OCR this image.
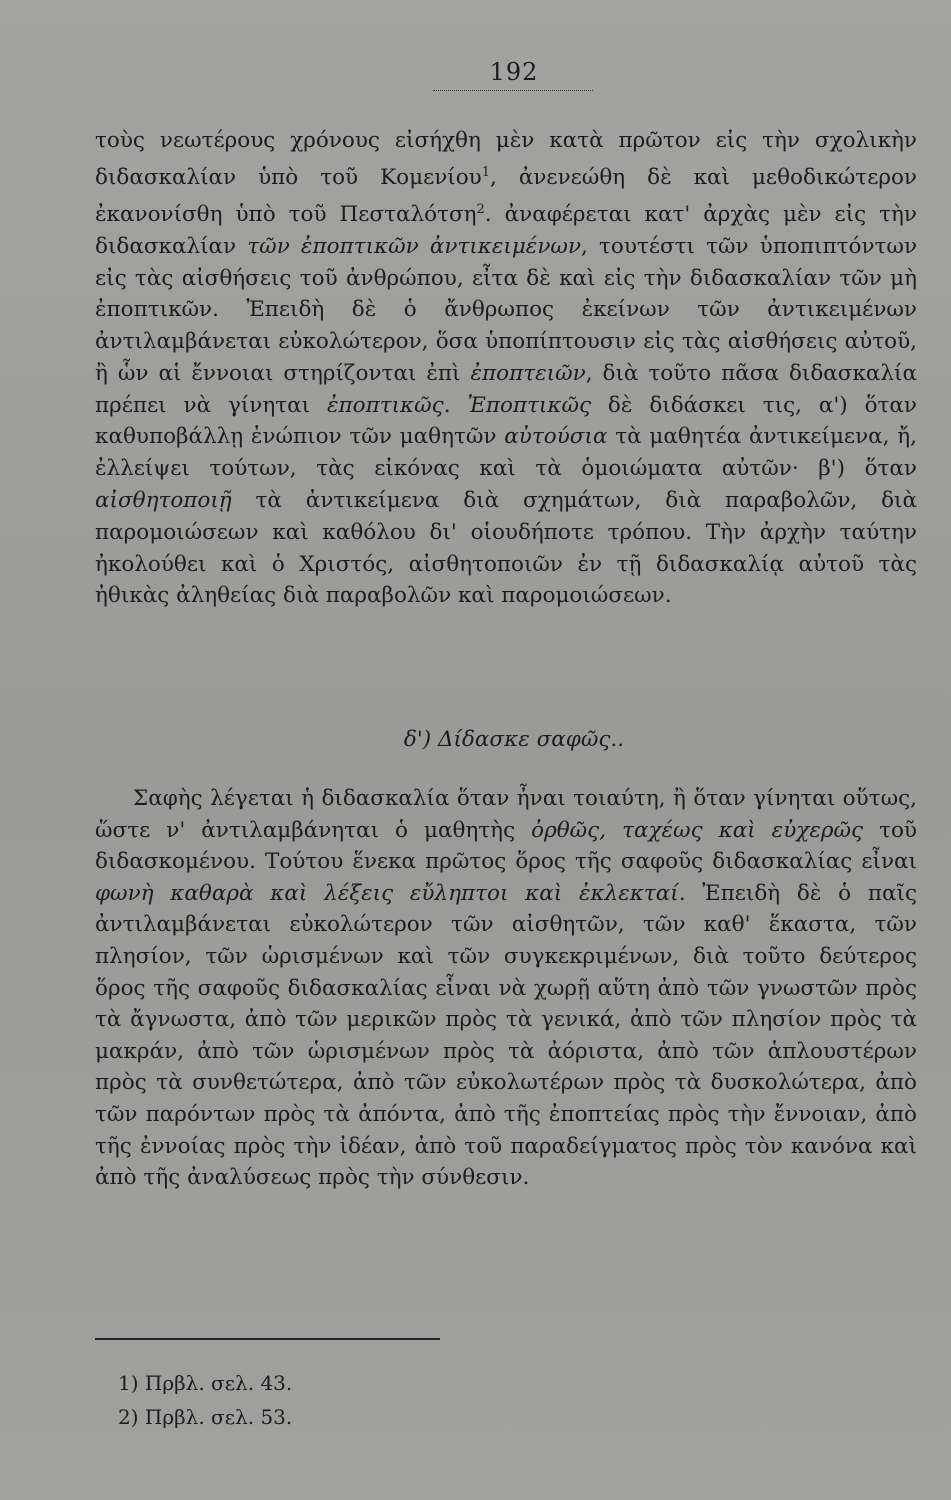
192

τοὺς νεωτέρους χρόνους εἰσήχθη μὲν κατὰ πρῶτον εἰς τὴν σχολικὴν διδασκαλίαν ὑπὸ τοῦ Κομενίου$^1$, ἀνενεώθη δὲ καὶ μεθοδικώτερον ἐκανονίσθη ὑπὸ τοῦ Πεσταλότση$^2$. ἀναφέρεται κατ' ἀρχὰς μὲν εἰς τὴν διδασκαλίαν τῶν ἐποπτικῶν ἀντικειμένων, τουτέστι τῶν ὑποπιπτόντων εἰς τὰς αἰσθήσεις τοῦ ἀνθρώπου, εἶτα δὲ καὶ εἰς τὴν διδασκαλίαν τῶν μὴ ἐποπτικῶν. Ἐπειδὴ δὲ ὁ ἄνθρωπος ἐκείνων τῶν ἀντικειμένων ἀντιλαμβάνεται εὐκολώτερον, ὅσα ὑποπίπτουσιν εἰς τὰς αἰσθήσεις αὐτοῦ, ἢ ὧν αἱ ἔννοιαι στηρίζονται ἐπὶ ἐποπτειῶν, διὰ τοῦτο πᾶσα διδασκαλία πρέπει νὰ γίνηται ἐποπτικῶς. Ἐποπτικῶς δὲ διδάσκει τις, α') ὅταν καθυποβάλλῃ ἐνώπιον τῶν μαθητῶν αὐτούσια τὰ μαθητέα ἀντικείμενα, ἤ, ἐλλείψει τούτων, τὰς εἰκόνας καὶ τὰ ὁμοιώματα αὐτῶν· β') ὅταν αἰσθητοποιῇ τὰ ἀντικείμενα διὰ σχημάτων, διὰ παραβολῶν, διὰ παρομοιώσεων καὶ καθόλου δι' οἱουδήποτε τρόπου. Τὴν ἀρχὴν ταύτην ἠκολούθει καὶ ὁ Χριστός, αἰσθητοποιῶν ἐν τῇ διδασκαλίᾳ αὐτοῦ τὰς ἠθικὰς ἀληθείας διὰ παραβολῶν καὶ παρομοιώσεων.

δ') Δίδασκε σαφῶς..

Σαφὴς λέγεται ἡ διδασκαλία ὅταν ἦναι τοιαύτη, ἢ ὅταν γίνηται οὕτως, ὥστε ν' ἀντιλαμβάνηται ὁ μαθητὴς ὀρθῶς, ταχέως καὶ εὐχερῶς τοῦ διδασκομένου. Τούτου ἕνεκα πρῶτος ὅρος τῆς σαφοῦς διδασκαλίας εἶναι φωνὴ καθαρὰ καὶ λέξεις εὔληπτοι καὶ ἐκλεκταί. Ἐπειδὴ δὲ ὁ παῖς ἀντιλαμβάνεται εὐκολώτερον τῶν αἰσθητῶν, τῶν καθ' ἕκαστα, τῶν πλησίον, τῶν ὡρισμένων καὶ τῶν συγκεκριμένων, διὰ τοῦτο δεύτερος ὅρος τῆς σαφοῦς διδασκαλίας εἶναι νὰ χωρῇ αὕτη ἀπὸ τῶν γνωστῶν πρὸς τὰ ἄγνωστα, ἀπὸ τῶν μερικῶν πρὸς τὰ γενικά, ἀπὸ τῶν πλησίον πρὸς τὰ μακράν, ἀπὸ τῶν ὡρισμένων πρὸς τὰ ἀόριστα, ἀπὸ τῶν ἁπλουστέρων πρὸς τὰ συνθετώτερα, ἀπὸ τῶν εὐκολωτέρων πρὸς τὰ δυσκολώτερα, ἀπὸ τῶν παρόντων πρὸς τὰ ἀπόντα, ἀπὸ τῆς ἐποπτείας πρὸς τὴν ἔννοιαν, ἀπὸ τῆς ἐννοίας πρὸς τὴν ἰδέαν, ἀπὸ τοῦ παραδείγματος πρὸς τὸν κανόνα καὶ ἀπὸ τῆς ἀναλύσεως πρὸς τὴν σύνθεσιν.

1) Πρβλ. σελ. 43.
2) Πρβλ. σελ. 53.
